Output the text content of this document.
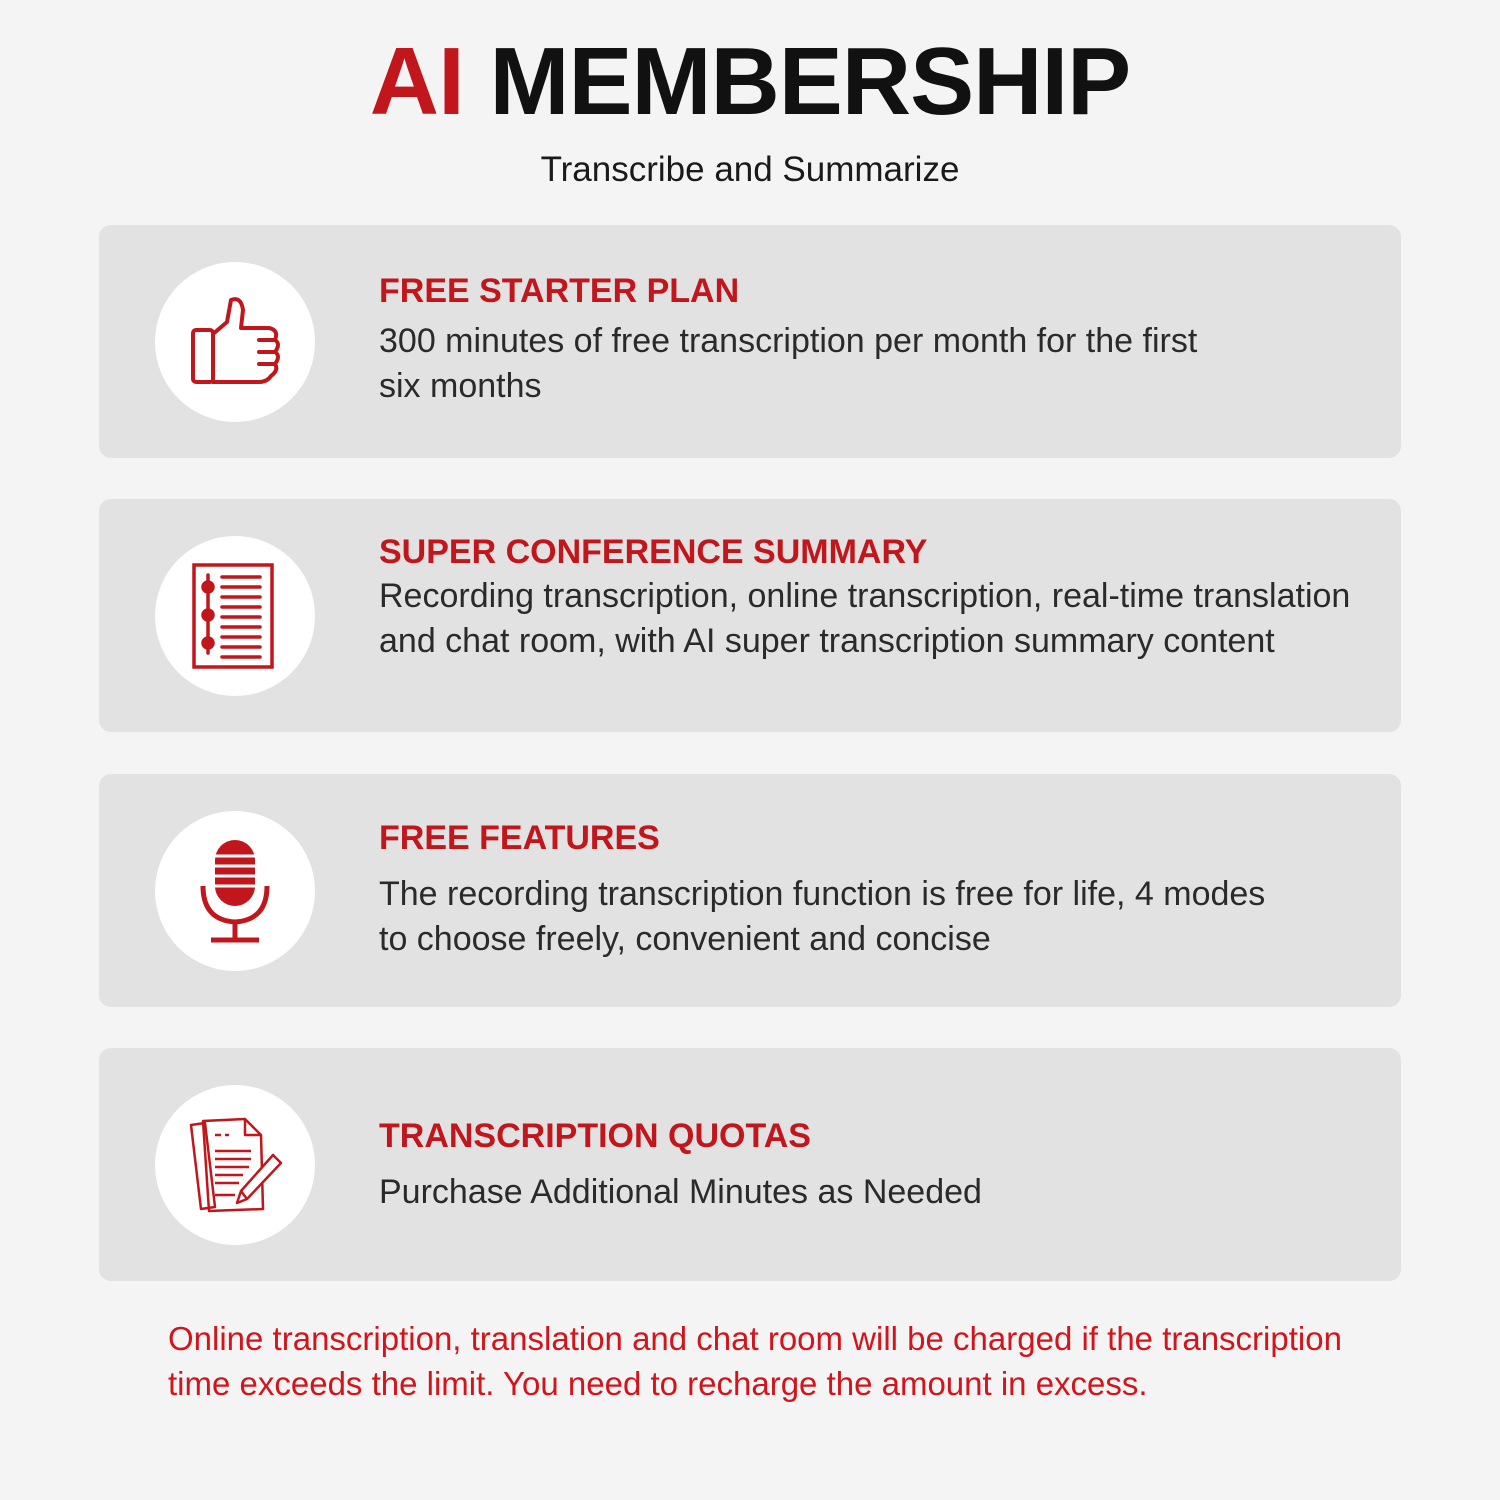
AI MEMBERSHIP
Transcribe and Summarize
FREE STARTER PLAN
300 minutes of free transcription per month for the first six months
SUPER CONFERENCE SUMMARY
Recording transcription, online transcription, real-time translation and chat room, with AI super transcription summary content
FREE FEATURES
The recording transcription function is free for life, 4 modes to choose freely, convenient and concise
TRANSCRIPTION QUOTAS
Purchase Additional Minutes as Needed
Online transcription, translation and chat room will be charged if the transcription time exceeds the limit. You need to recharge the amount in excess.
